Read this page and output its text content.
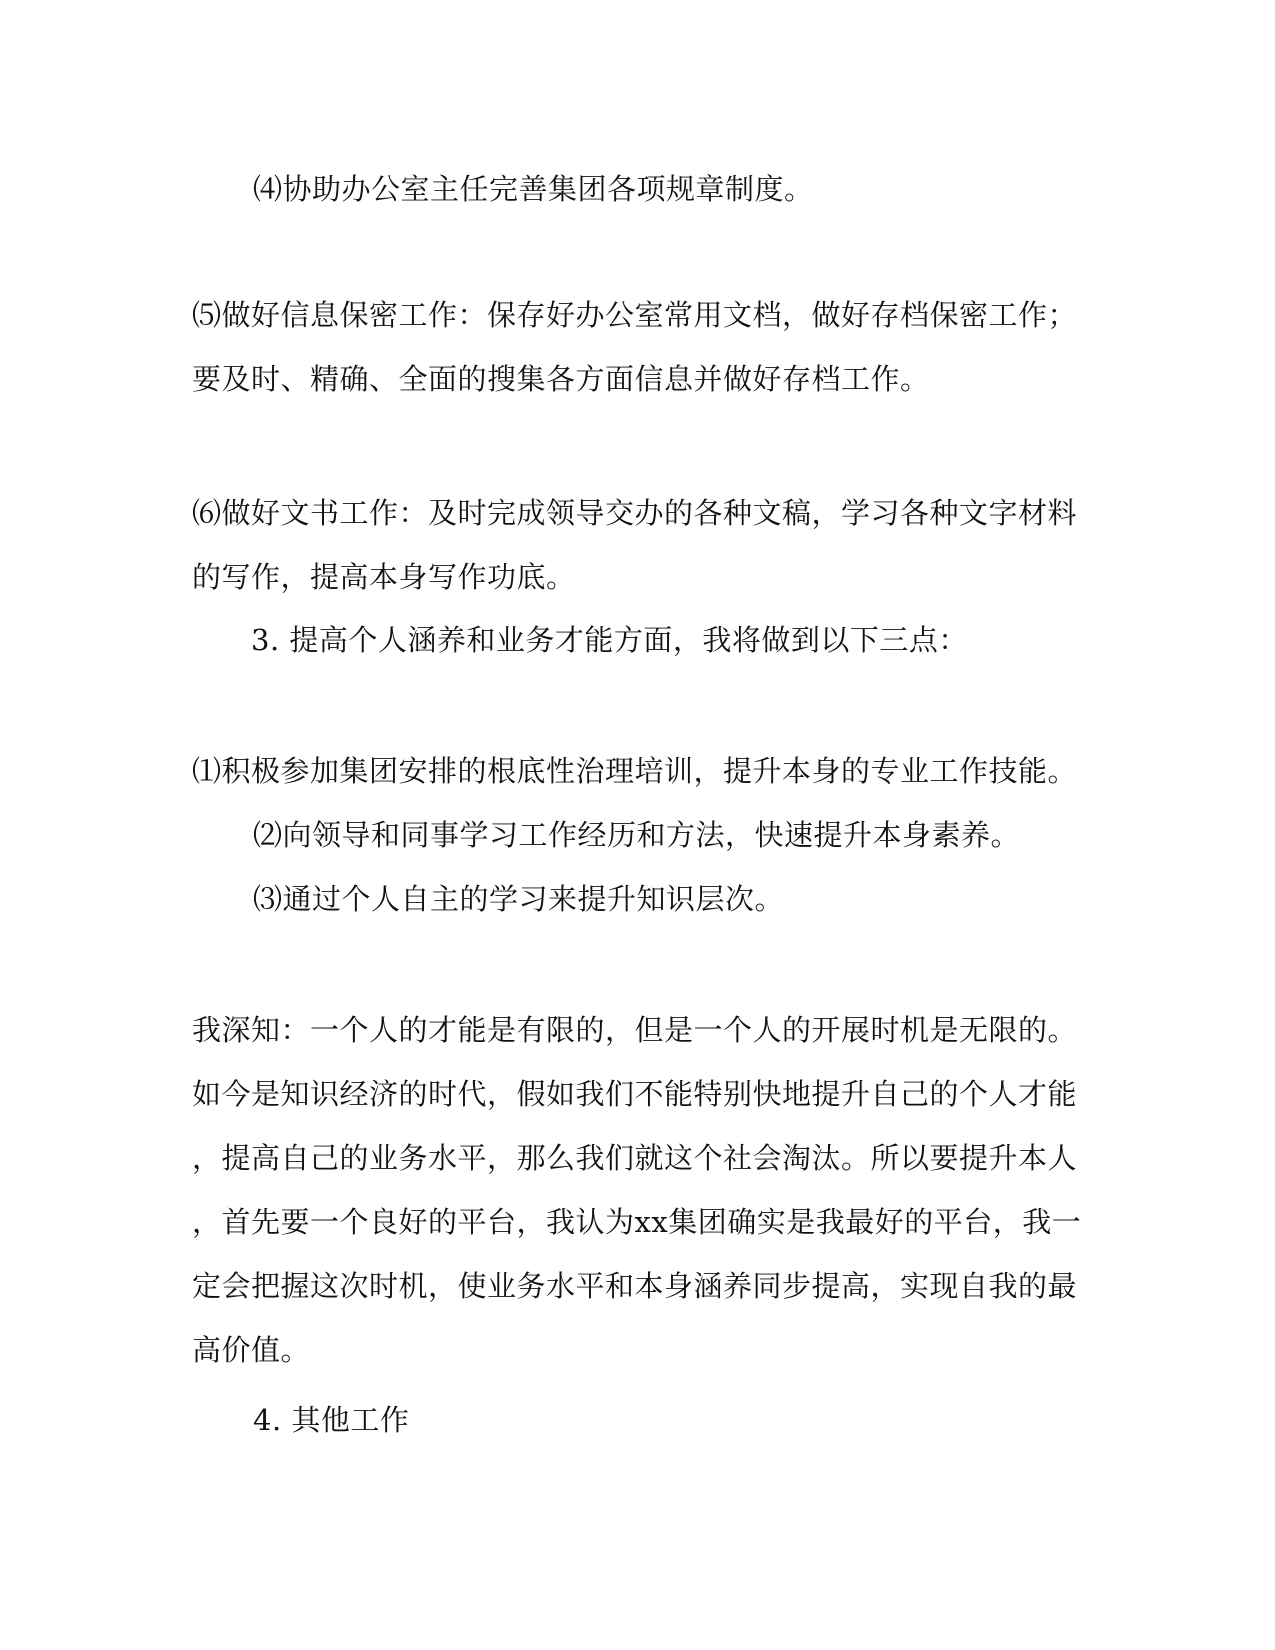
⑷协助办公室主任完善集团各项规章制度。
⑸做好信息保密工作：保存好办公室常用文档，做好存档保密工作；
要及时、精确、全面的搜集各方面信息并做好存档工作。
⑹做好文书工作：及时完成领导交办的各种文稿，学习各种文字材料
的写作，提高本身写作功底。
3. 提高个人涵养和业务才能方面，我将做到以下三点：
⑴积极参加集团安排的根底性治理培训，提升本身的专业工作技能。
⑵向领导和同事学习工作经历和方法，快速提升本身素养。
⑶通过个人自主的学习来提升知识层次。
我深知：一个人的才能是有限的，但是一个人的开展时机是无限的。
如今是知识经济的时代，假如我们不能特别快地提升自己的个人才能
，提高自己的业务水平，那么我们就这个社会淘汰。所以要提升本人
，首先要一个良好的平台，我认为xx集团确实是我最好的平台，我一
定会把握这次时机，使业务水平和本身涵养同步提高，实现自我的最
高价值。
4. 其他工作
